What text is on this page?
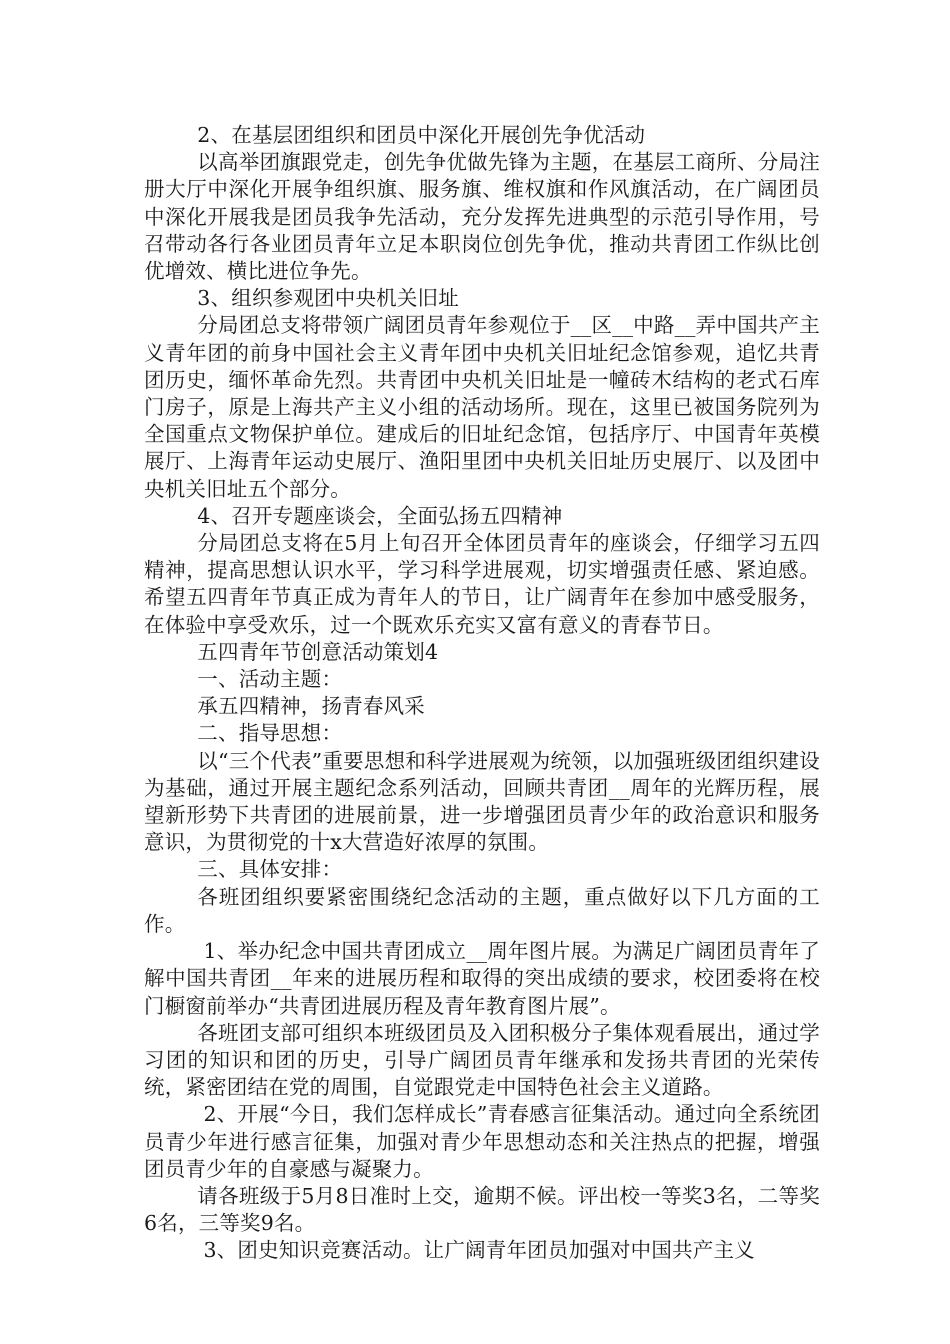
2、在基层团组织和团员中深化开展创先争优活动

以高举团旗跟党走，创先争优做先锋为主题，在基层工商所、分局注册大厅中深化开展争组织旗、服务旗、维权旗和作风旗活动，在广阔团员中深化开展我是团员我争先活动，充分发挥先进典型的示范引导作用，号召带动各行各业团员青年立足本职岗位创先争优，推动共青团工作纵比创优增效、横比进位争先。

3、组织参观团中央机关旧址

分局团总支将带领广阔团员青年参观位于__区__中路__弄中国共产主义青年团的前身中国社会主义青年团中央机关旧址纪念馆参观，追忆共青团历史，缅怀革命先烈。共青团中央机关旧址是一幢砖木结构的老式石库门房子，原是上海共产主义小组的活动场所。现在，这里已被国务院列为全国重点文物保护单位。建成后的旧址纪念馆，包括序厅、中国青年英模展厅、上海青年运动史展厅、渔阳里团中央机关旧址历史展厅、以及团中央机关旧址五个部分。

4、召开专题座谈会，全面弘扬五四精神

分局团总支将在5月上旬召开全体团员青年的座谈会，仔细学习五四精神，提高思想认识水平，学习科学进展观，切实增强责任感、紧迫感。希望五四青年节真正成为青年人的节日，让广阔青年在参加中感受服务，在体验中享受欢乐，过一个既欢乐充实又富有意义的青春节日。

五四青年节创意活动策划4

一、活动主题：

承五四精神，扬青春风采

二、指导思想：

以“三个代表”重要思想和科学进展观为统领，以加强班级团组织建设为基础，通过开展主题纪念系列活动，回顾共青团__周年的光辉历程，展望新形势下共青团的进展前景，进一步增强团员青少年的政治意识和服务意识，为贯彻党的十x大营造好浓厚的氛围。

三、具体安排：

各班团组织要紧密围绕纪念活动的主题，重点做好以下几方面的工作。

1、举办纪念中国共青团成立__周年图片展。为满足广阔团员青年了解中国共青团__年来的进展历程和取得的突出成绩的要求，校团委将在校门橱窗前举办“共青团进展历程及青年教育图片展”。

各班团支部可组织本班级团员及入团积极分子集体观看展出，通过学习团的知识和团的历史，引导广阔团员青年继承和发扬共青团的光荣传统，紧密团结在党的周围，自觉跟党走中国特色社会主义道路。

2、开展“今日，我们怎样成长”青春感言征集活动。通过向全系统团员青少年进行感言征集，加强对青少年思想动态和关注热点的把握，增强团员青少年的自豪感与凝聚力。

请各班级于5月8日准时上交，逾期不候。评出校一等奖3名，二等奖6名，三等奖9名。

3、团史知识竞赛活动。让广阔青年团员加强对中国共产主义
